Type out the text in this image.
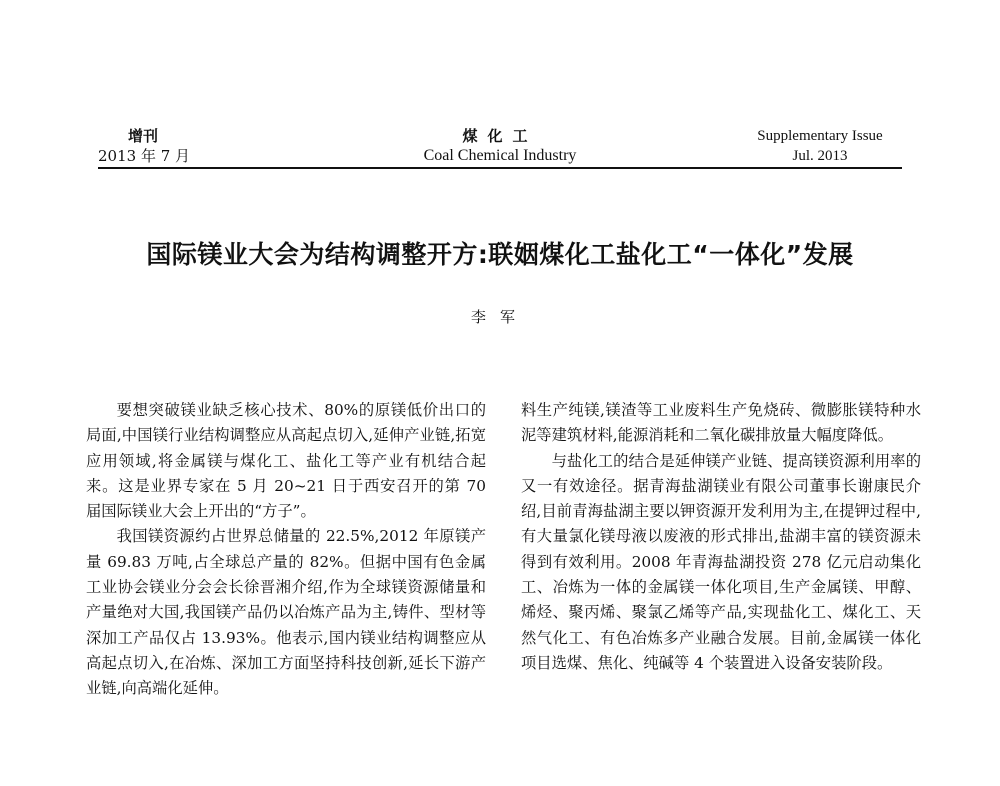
增刊
2013 年 7 月
煤化工
Coal Chemical Industry
Supplementary Issue
Jul. 2013
国际镁业大会为结构调整开方:联姻煤化工盐化工“一体化”发展
李军

要想突破镁业缺乏核心技术、80%的原镁低价出口的局面,中国镁行业结构调整应从高起点切入,延伸产业链,拓宽应用领域,将金属镁与煤化工、盐化工等产业有机结合起来。这是业界专家在 5 月 20~21 日于西安召开的第 70 届国际镁业大会上开出的“方子”。

我国镁资源约占世界总储量的 22.5%,2012 年原镁产量 69.83 万吨,占全球总产量的 82%。但据中国有色金属工业协会镁业分会会长徐晋湘介绍,作为全球镁资源储量和产量绝对大国,我国镁产品仍以冶炼产品为主,铸件、型材等深加工产品仅占 13.93%。他表示,国内镁业结构调整应从高起点切入,在冶炼、深加工方面坚持科技创新,延长下游产业链,向高端化延伸。

料生产纯镁,镁渣等工业废料生产免烧砖、微膨胀镁特种水泥等建筑材料,能源消耗和二氧化碳排放量大幅度降低。

与盐化工的结合是延伸镁产业链、提高镁资源利用率的又一有效途径。据青海盐湖镁业有限公司董事长谢康民介绍,目前青海盐湖主要以钾资源开发利用为主,在提钾过程中,有大量氯化镁母液以废液的形式排出,盐湖丰富的镁资源未得到有效利用。2008 年青海盐湖投资 278 亿元启动集化工、冶炼为一体的金属镁一体化项目,生产金属镁、甲醇、烯烃、聚丙烯、聚氯乙烯等产品,实现盐化工、煤化工、天然气化工、有色冶炼多产业融合发展。目前,金属镁一体化项目选煤、焦化、纯碱等 4 个装置进入设备安装阶段。
